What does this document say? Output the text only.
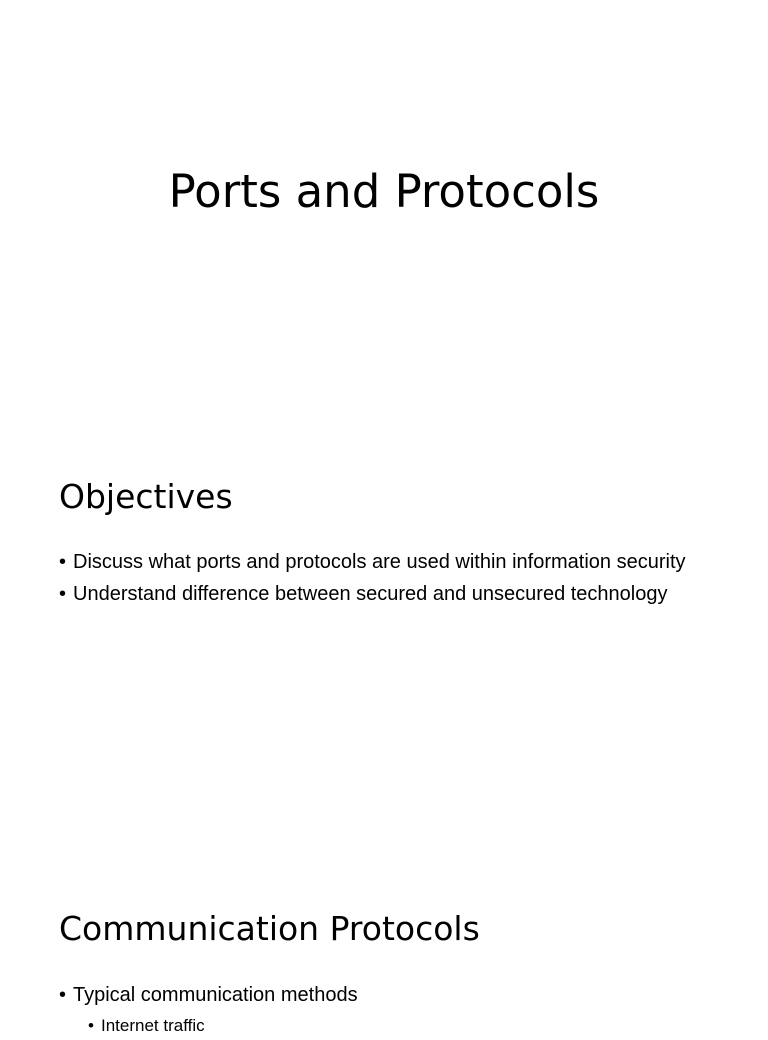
Ports and Protocols
Objectives
• Discuss what ports and protocols are used within information security
• Understand difference between secured and unsecured technology
Communication Protocols
• Typical communication methods
• Internet traffic
